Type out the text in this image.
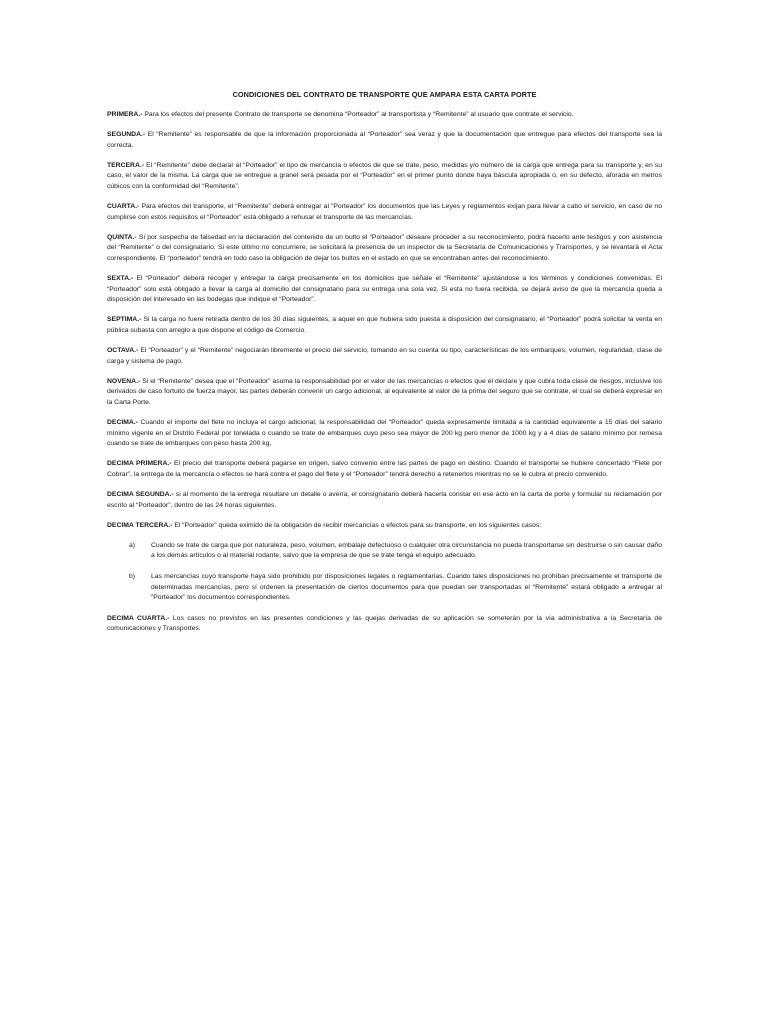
CONDICIONES DEL CONTRATO DE TRANSPORTE QUE AMPARA ESTA CARTA PORTE

PRIMERA.- Para los efectos del presente Contrato de transporte se denomina “Porteador” al transportista y “Remitente” al usuario que contrate el servicio.

SEGUNDA.- El “Remitente” es responsable de que la información proporcionada al “Porteador” sea veraz y que la documentación que entregue para efectos del transporte sea la correcta.

TERCERA.- El “Remitente” debe declarar al “Porteador” el tipo de mercancía o efectos de que se trate, peso, medidas y/o número de la carga que entrega para su transporte y, en su caso, el valor de la misma. La carga que se entregue a granel será pesada por el “Porteador” en el primer punto donde haya báscula apropiada o, en su defecto, aforada en metros cúbicos con la conformidad del “Remitente”.

CUARTA.- Para efectos del transporte, el “Remitente” deberá entregar al “Porteador” los documentos que las Leyes y reglamentos exijan para llevar a cabo el servicio, en caso de no cumplirse con estos requisitos el “Porteador” está obligado a rehusar el transporte de las mercancías.

QUINTA.- Si por sospecha de falsedad en la declaración del contenido de un bulto el “Porteador” deseare proceder a su reconocimiento, podrá hacerlo ante testigos y con asistencia del “Remitente” o del consignatario. Si este último no concurriere, se solicitará la presencia de un inspector de la Secretaría de Comunicaciones y Transportes, y se levantará el Acta correspondiente. El “porteador” tendrá en todo caso la obligación de dejar los bultos en el estado en que se encontraban antes del reconocimiento.

SEXTA.- El “Porteador” deberá recoger y entregar la carga precisamente en los domicilios que señale el “Remitente” ajustándose a los términos y condiciones convenidas. El “Porteador” solo está obligado a llevar la carga al domicilio del consignatario para su entrega una sola vez. Si esta no fuera recibida, se dejará aviso de que la mercancía queda a disposición del interesado en las bodegas que indique el “Porteador”.

SEPTIMA.- Si la carga no fuere retirada dentro de los 30 días siguientes, a aquel en que hubiera sido puesta a disposición del consignatario, el “Porteador” podrá solicitar la venta en pública subasta con arreglo a que dispone el código de Comercio.

OCTAVA.- El “Porteador” y el “Remitente” negociarán libremente el precio del servicio, tomando en su cuenta su tipo, características de los embarques, volumen, regularidad, clase de carga y sistema de pago.

NOVENA.- Si el “Remitente” desea que el “Porteador” asuma la responsabilidad por el valor de las mercancías o efectos que él declare y que cubra toda clase de riesgos, inclusive los derivados de caso fortuito de fuerza mayor, las partes deberán convenir un cargo adicional, al equivalente al valor de la prima del seguro que se contrate, el cual se deberá expresar en la Carta Porte.

DECIMA.- Cuando el importe del flete no incluya el cargo adicional, la responsabilidad del “Porteador” queda expresamente limitada a la cantidad equivalente a 15 días del salario mínimo vigente en el Distrito Federal por tonelada o cuando se trate de embarques cuyo peso sea mayor de 200 kg pero menor de 1000 kg y a 4 días de salario mínimo por remesa cuando se trate de embarques con peso hasta 200 kg.

DECIMA PRIMERA.- El precio del transporte deberá pagarse en origen, salvo convenio entre las partes de pago en destino. Cuando el transporte se hubiere concertado “Flete por Cobrar”, la entrega de la mercancía o efectos se hará contra el pago del flete y el “Porteador” tendrá derecho a retenerlos mientras no se le cubra el precio convenido.

DECIMA SEGUNDA.- si al momento de la entrega resultare un detalle o avería, el consignatario deberá hacerla constar en ese acto en la carta de porte y formular su reclamación por escrito al “Porteador”, dentro de las 24 horas siguientes.

DECIMA TERCERA.- El “Porteador” queda eximido de la obligación de recibir mercancías o efectos para su transporte, en los siguientes casos:

a)	Cuando se trate de carga que por naturaleza, peso, volumen, embalaje defectuoso o cualquier otra circunstancia no pueda transportarse sin destruirse o sin causar daño a los demás artículos o al material rodante, salvo que la empresa de que se trate tenga el equipo adecuado.
b)	Las mercancías cuyo transporte haya sido prohibido por disposiciones legales o reglamentarias. Cuando tales disposiciones no prohíban precisamente el transporte de determinadas mercancías, pero sí ordenen la presentación de ciertos documentos para que puedan ser transportadas el “Remitente” estará obligado a entregar al “Porteador” los documentos correspondientes.

DECIMA CUARTA.- Los casos no previstos en las presentes condiciones y las quejas derivadas de su aplicación se someterán por la vía administrativa a la Secretaría de comunicaciones y Transportes.
